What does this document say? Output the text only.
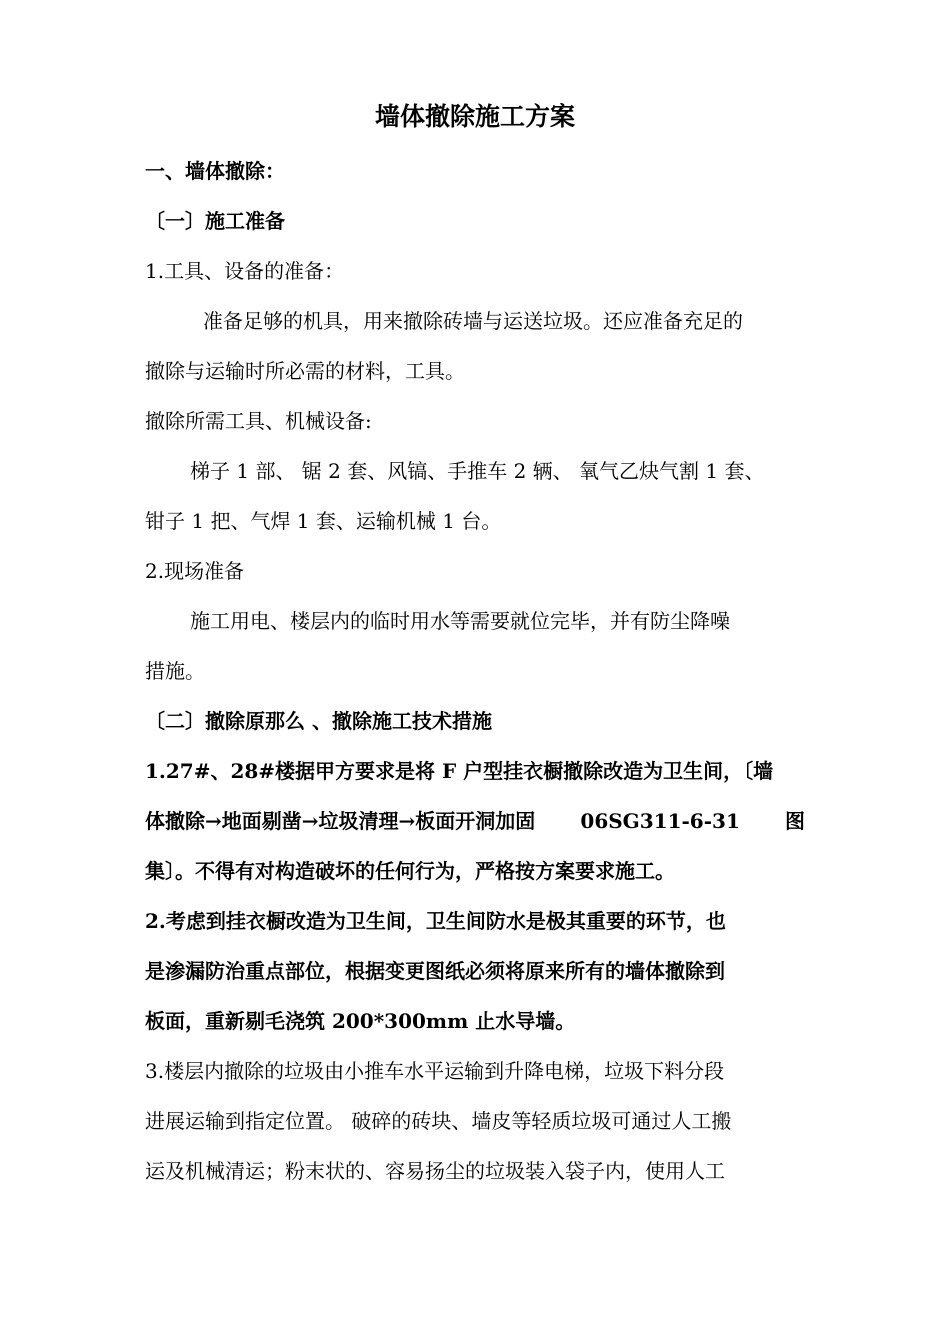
墙体撤除施工方案
一、墙体撤除：
〔一〕施工准备
1.工具、设备的准备：
准备足够的机具，用来撤除砖墙与运送垃圾。还应准备充足的
撤除与运输时所必需的材料，工具。
撤除所需工具、机械设备:
梯子 1 部、 锯 2 套、风镐、手推车 2 辆、 氧气乙炔气割 1 套、
钳子 1 把、气焊 1 套、运输机械 1 台。
2.现场准备
施工用电、楼层内的临时用水等需要就位完毕，并有防尘降噪
措施。
〔二〕撤除原那么 、撤除施工技术措施
1.27#、28#楼据甲方要求是将 F 户型挂衣橱撤除改造为卫生间，〔墙
体撤除→地面剔凿→垃圾清理→板面开洞加固 06SG311-6-31 图
集〕。不得有对构造破坏的任何行为，严格按方案要求施工。
2.考虑到挂衣橱改造为卫生间，卫生间防水是极其重要的环节，也
是渗漏防治重点部位，根据变更图纸必须将原来所有的墙体撤除到
板面，重新剔毛浇筑 200*300mm 止水导墙。
3.楼层内撤除的垃圾由小推车水平运输到升降电梯，垃圾下料分段
进展运输到指定位置。 破碎的砖块、墙皮等轻质垃圾可通过人工搬
运及机械清运；粉末状的、容易扬尘的垃圾装入袋子内，使用人工
